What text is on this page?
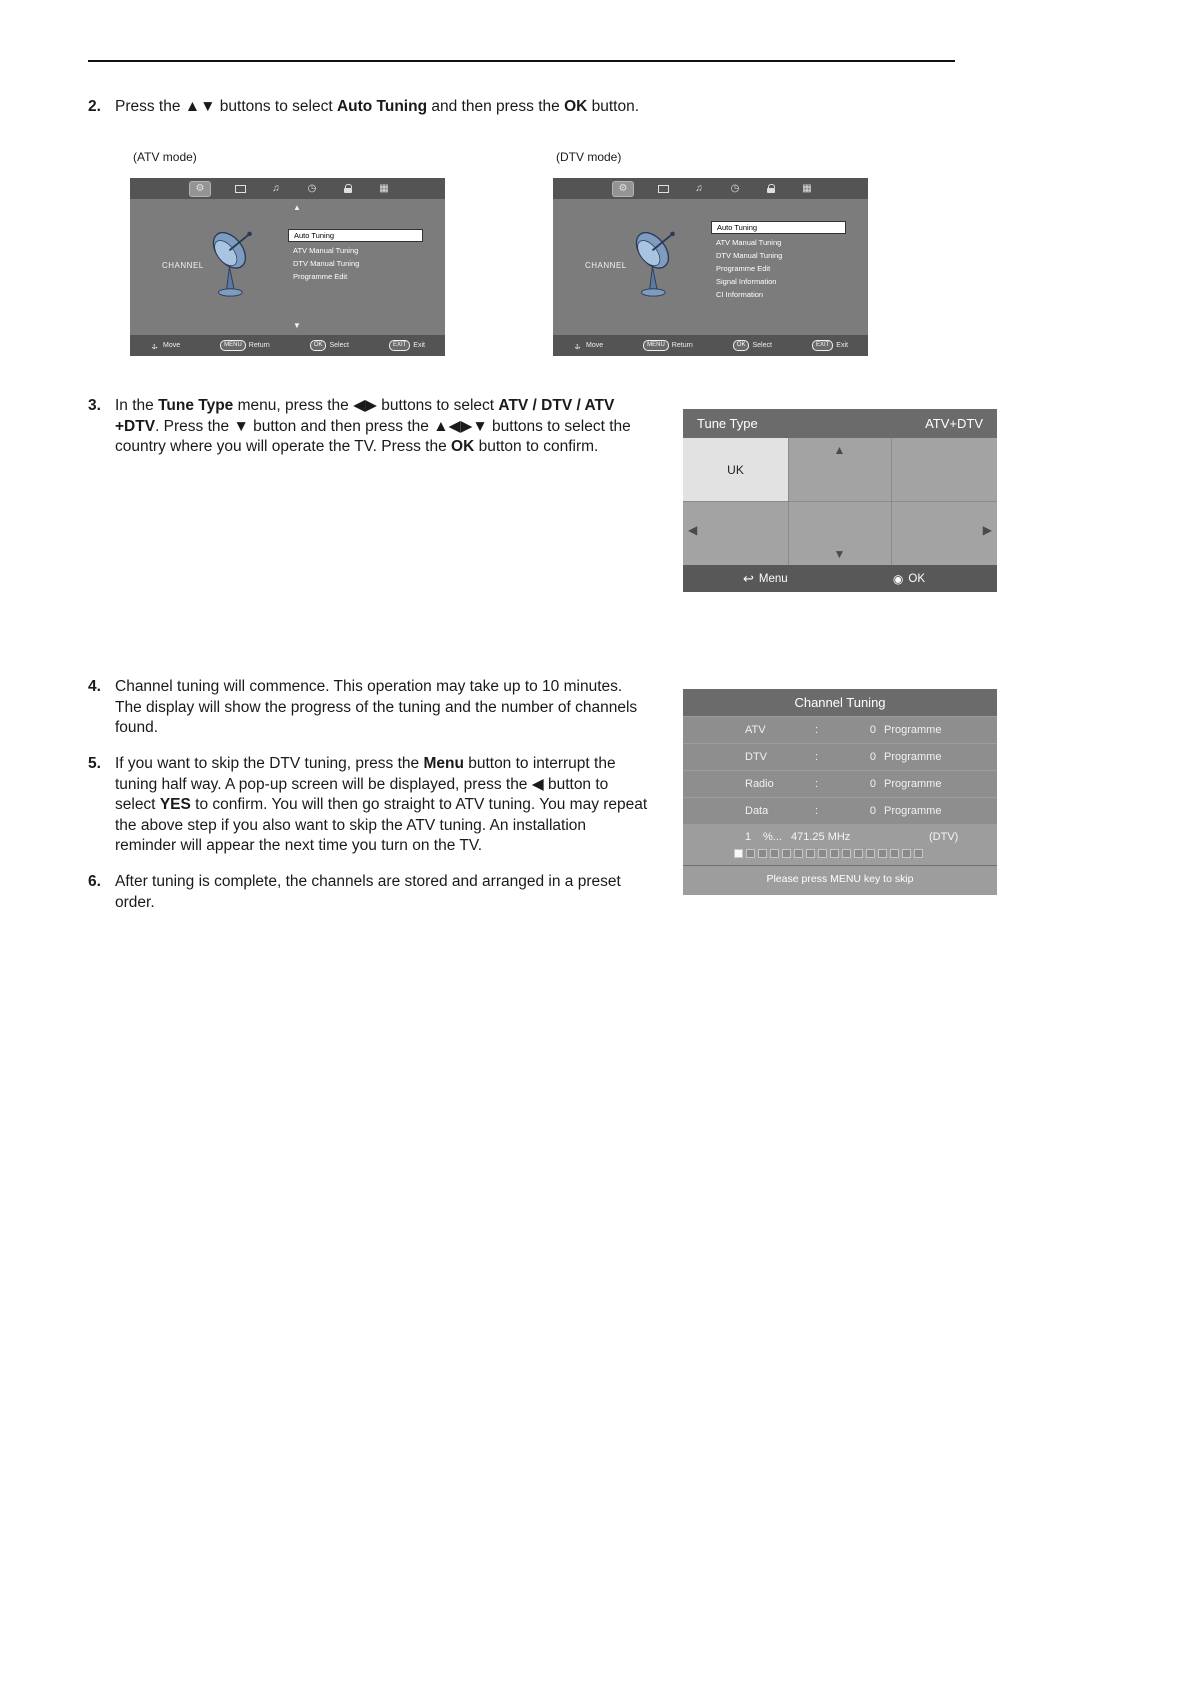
2. Press the ▲▼ buttons to select Auto Tuning and then press the OK button.
(ATV mode)	(DTV mode)
⚙
♫
◷
▦
▲
CHANNEL
Auto Tuning
ATV Manual Tuning
DTV Manual Tuning
Programme Edit
▼
↔ ↕
Move	MENU	Return	OK	Select	EXIT	Exit
⚙
♫
◷
▦
CHANNEL
Auto Tuning
ATV Manual Tuning
DTV Manual Tuning
Programme Edit
Signal Information
CI Information
↔ ↕
Move	MENU	Return	OK	Select	EXIT	Exit
3. In the Tune Type menu, press the ◀▶ buttons to select ATV / DTV / ATV +DTV. Press the ▼ button and then press the ▲◀▶▼ buttons to select the country where you will operate the TV. Press the OK button to confirm.
Tune Type	ATV+DTV
UK
▲
▼
◀	▶
↩
Menu ◉	OK
4. Channel tuning will commence. This operation may take up to 10 minutes. The display will show the progress of the tuning and the number of channels found.
Channel Tuning
ATV	:	0 Programme
DTV	:	0 Programme
Radio	:	0 Programme
Data	:	0 Programme
1 %... 471.25 MHz	(DTV)
Please press MENU key to skip
5. If you want to skip the DTV tuning, press the Menu button to interrupt the tuning half way. A pop-up screen will be displayed, press the ◀ button to select YES to confirm. You will then go straight to ATV tuning. You may repeat the above step if you also want to skip the ATV tuning. An installation reminder will appear the next time you turn on the TV.
6. After tuning is complete, the channels are stored and arranged in a preset order.
